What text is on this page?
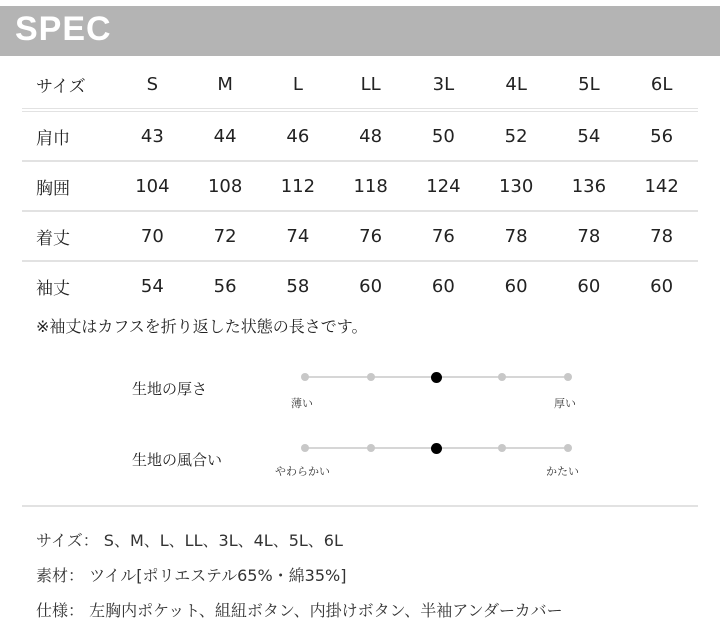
SPEC
サイズ	S	M	L	LL	3L	4L	5L	6L
肩巾	43	44	46	48	50	52	54	56
胸囲	104	108	112	118	124	130	136	142
着丈	70	72	74	76	76	78	78	78
袖丈	54	56	58	60	60	60	60	60
※袖丈はカフスを折り返した状態の長さです。
生地の厚さ
薄い	厚い
生地の風合い
やわらかい	かたい
サイズ： S、M、L、LL、3L、4L、5L、6L
素材： ツイル[ポリエステル65%・綿35%]
仕様： 左胸内ポケット、組紐ボタン、内掛けボタン、半袖アンダーカバー
